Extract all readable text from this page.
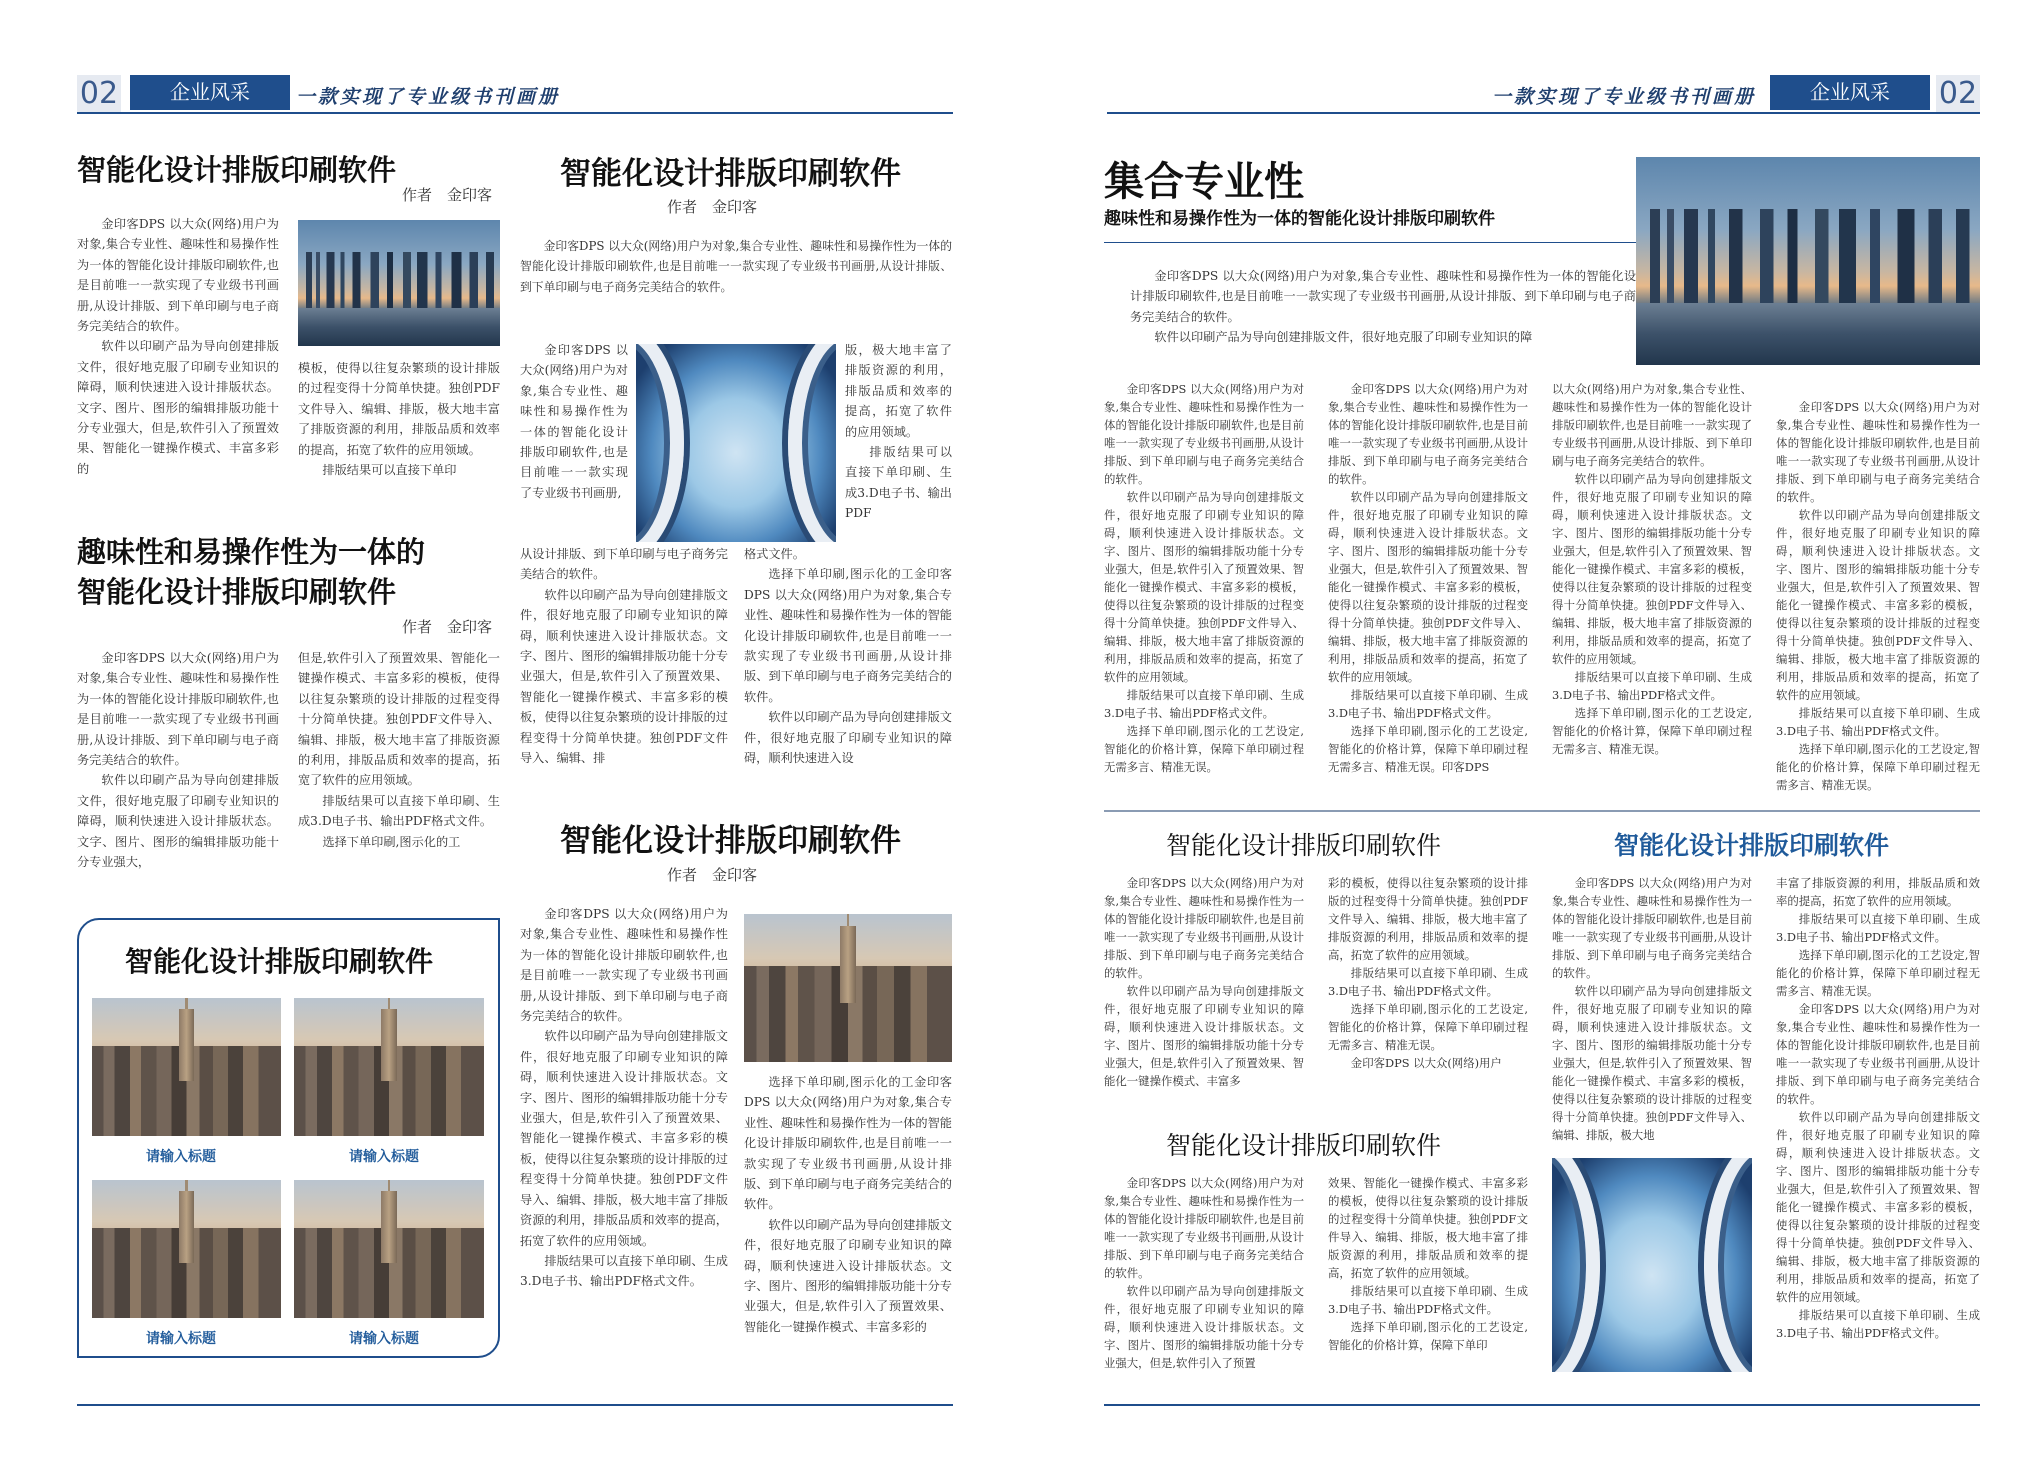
02	企业风采	一款实现了专业级书刊画册
智能化设计排版印刷软件
作者　金印客

金印客DPS 以大众(网络)用户为对象,集合专业性、趣味性和易操作性为一体的智能化设计排版印刷软件,也是目前唯一一款实现了专业级书刊画册,从设计排版、到下单印刷与电子商务完美结合的软件。

软件以印刷产品为导向创建排版文件，很好地克服了印刷专业知识的障碍，顺利快速进入设计排版状态。文字、图片、图形的编辑排版功能十分专业强大，但是,软件引入了预置效果、智能化一键操作模式、丰富多彩的

模板，使得以往复杂繁琐的设计排版的过程变得十分简单快捷。独创PDF文件导入、编辑、排版，极大地丰富了排版资源的利用，排版品质和效率的提高，拓宽了软件的应用领域。

排版结果可以直接下单印

趣味性和易操作性为一体的
智能化设计排版印刷软件
作者　金印客

金印客DPS 以大众(网络)用户为对象,集合专业性、趣味性和易操作性为一体的智能化设计排版印刷软件,也是目前唯一一款实现了专业级书刊画册,从设计排版、到下单印刷与电子商务完美结合的软件。

软件以印刷产品为导向创建排版文件，很好地克服了印刷专业知识的障碍，顺利快速进入设计排版状态。文字、图片、图形的编辑排版功能十分专业强大，

但是,软件引入了预置效果、智能化一键操作模式、丰富多彩的模板，使得以往复杂繁琐的设计排版的过程变得十分简单快捷。独创PDF文件导入、编辑、排版，极大地丰富了排版资源的利用，排版品质和效率的提高，拓宽了软件的应用领域。

排版结果可以直接下单印刷、生成3.D电子书、输出PDF格式文件。

选择下单印刷,图示化的工

智能化设计排版印刷软件
请输入标题	请输入标题
请输入标题	请输入标题
智能化设计排版印刷软件
作者　金印客

金印客DPS 以大众(网络)用户为对象,集合专业性、趣味性和易操作性为一体的智能化设计排版印刷软件,也是目前唯一一款实现了专业级书刊画册,从设计排版、到下单印刷与电子商务完美结合的软件。

金印客DPS 以大众(网络)用户为对象,集合专业性、趣味性和易操作性为一体的智能化设计排版印刷软件,也是目前唯一一款实现了专业级书刊画册,

版，极大地丰富了排版资源的利用，排版品质和效率的提高，拓宽了软件的应用领域。

排版结果可以直接下单印刷、生成3.D电子书、输出PDF

从设计排版、到下单印刷与电子商务完美结合的软件。

软件以印刷产品为导向创建排版文件，很好地克服了印刷专业知识的障碍，顺利快速进入设计排版状态。文字、图片、图形的编辑排版功能十分专业强大，但是,软件引入了预置效果、智能化一键操作模式、丰富多彩的模板，使得以往复杂繁琐的设计排版的过程变得十分简单快捷。独创PDF文件导入、编辑、排

格式文件。

选择下单印刷,图示化的工金印客DPS 以大众(网络)用户为对象,集合专业性、趣味性和易操作性为一体的智能化设计排版印刷软件,也是目前唯一一款实现了专业级书刊画册,从设计排版、到下单印刷与电子商务完美结合的软件。

软件以印刷产品为导向创建排版文件，很好地克服了印刷专业知识的障碍，顺利快速进入设

智能化设计排版印刷软件
作者　金印客

金印客DPS 以大众(网络)用户为对象,集合专业性、趣味性和易操作性为一体的智能化设计排版印刷软件,也是目前唯一一款实现了专业级书刊画册,从设计排版、到下单印刷与电子商务完美结合的软件。

软件以印刷产品为导向创建排版文件，很好地克服了印刷专业知识的障碍，顺利快速进入设计排版状态。文字、图片、图形的编辑排版功能十分专业强大，但是,软件引入了预置效果、智能化一键操作模式、丰富多彩的模板，使得以往复杂繁琐的设计排版的过程变得十分简单快捷。独创PDF文件导入、编辑、排版，极大地丰富了排版资源的利用，排版品质和效率的提高，拓宽了软件的应用领域。

排版结果可以直接下单印刷、生成3.D电子书、输出PDF格式文件。

选择下单印刷,图示化的工金印客DPS 以大众(网络)用户为对象,集合专业性、趣味性和易操作性为一体的智能化设计排版印刷软件,也是目前唯一一款实现了专业级书刊画册,从设计排版、到下单印刷与电子商务完美结合的软件。

软件以印刷产品为导向创建排版文件，很好地克服了印刷专业知识的障碍，顺利快速进入设计排版状态。文字、图片、图形的编辑排版功能十分专业强大，但是,软件引入了预置效果、智能化一键操作模式、丰富多彩的

一款实现了专业级书刊画册	企业风采	02
集合专业性
趣味性和易操作性为一体的智能化设计排版印刷软件

金印客DPS 以大众(网络)用户为对象,集合专业性、趣味性和易操作性为一体的智能化设计排版印刷软件,也是目前唯一一款实现了专业级书刊画册,从设计排版、到下单印刷与电子商务完美结合的软件。

软件以印刷产品为导向创建排版文件，很好地克服了印刷专业知识的障

金印客DPS 以大众(网络)用户为对象,集合专业性、趣味性和易操作性为一体的智能化设计排版印刷软件,也是目前唯一一款实现了专业级书刊画册,从设计排版、到下单印刷与电子商务完美结合的软件。

软件以印刷产品为导向创建排版文件，很好地克服了印刷专业知识的障碍，顺利快速进入设计排版状态。文字、图片、图形的编辑排版功能十分专业强大，但是,软件引入了预置效果、智能化一键操作模式、丰富多彩的模板，使得以往复杂繁琐的设计排版的过程变得十分简单快捷。独创PDF文件导入、编辑、排版，极大地丰富了排版资源的利用，排版品质和效率的提高，拓宽了软件的应用领域。

排版结果可以直接下单印刷、生成3.D电子书、输出PDF格式文件。

选择下单印刷,图示化的工艺设定,智能化的价格计算，保障下单印刷过程无需多言、精准无误。

金印客DPS 以大众(网络)用户为对象,集合专业性、趣味性和易操作性为一体的智能化设计排版印刷软件,也是目前唯一一款实现了专业级书刊画册,从设计排版、到下单印刷与电子商务完美结合的软件。

软件以印刷产品为导向创建排版文件，很好地克服了印刷专业知识的障碍，顺利快速进入设计排版状态。文字、图片、图形的编辑排版功能十分专业强大，但是,软件引入了预置效果、智能化一键操作模式、丰富多彩的模板，使得以往复杂繁琐的设计排版的过程变得十分简单快捷。独创PDF文件导入、编辑、排版，极大地丰富了排版资源的利用，排版品质和效率的提高，拓宽了软件的应用领域。

排版结果可以直接下单印刷、生成3.D电子书、输出PDF格式文件。

选择下单印刷,图示化的工艺设定,智能化的价格计算，保障下单印刷过程无需多言、精准无误。印客DPS

以大众(网络)用户为对象,集合专业性、趣味性和易操作性为一体的智能化设计排版印刷软件,也是目前唯一一款实现了专业级书刊画册,从设计排版、到下单印刷与电子商务完美结合的软件。

软件以印刷产品为导向创建排版文件，很好地克服了印刷专业知识的障碍，顺利快速进入设计排版状态。文字、图片、图形的编辑排版功能十分专业强大，但是,软件引入了预置效果、智能化一键操作模式、丰富多彩的模板，使得以往复杂繁琐的设计排版的过程变得十分简单快捷。独创PDF文件导入、编辑、排版，极大地丰富了排版资源的利用，排版品质和效率的提高，拓宽了软件的应用领域。

排版结果可以直接下单印刷、生成3.D电子书、输出PDF格式文件。

选择下单印刷,图示化的工艺设定,智能化的价格计算，保障下单印刷过程无需多言、精准无误。

金印客DPS 以大众(网络)用户为对象,集合专业性、趣味性和易操作性为一体的智能化设计排版印刷软件,也是目前唯一一款实现了专业级书刊画册,从设计排版、到下单印刷与电子商务完美结合的软件。

软件以印刷产品为导向创建排版文件，很好地克服了印刷专业知识的障碍，顺利快速进入设计排版状态。文字、图片、图形的编辑排版功能十分专业强大，但是,软件引入了预置效果、智能化一键操作模式、丰富多彩的模板，使得以往复杂繁琐的设计排版的过程变得十分简单快捷。独创PDF文件导入、编辑、排版，极大地丰富了排版资源的利用，排版品质和效率的提高，拓宽了软件的应用领域。

排版结果可以直接下单印刷、生成3.D电子书、输出PDF格式文件。

选择下单印刷,图示化的工艺设定,智能化的价格计算，保障下单印刷过程无需多言、精准无误。

智能化设计排版印刷软件

金印客DPS 以大众(网络)用户为对象,集合专业性、趣味性和易操作性为一体的智能化设计排版印刷软件,也是目前唯一一款实现了专业级书刊画册,从设计排版、到下单印刷与电子商务完美结合的软件。

软件以印刷产品为导向创建排版文件，很好地克服了印刷专业知识的障碍，顺利快速进入设计排版状态。文字、图片、图形的编辑排版功能十分专业强大，但是,软件引入了预置效果、智能化一键操作模式、丰富多

彩的模板，使得以往复杂繁琐的设计排版的过程变得十分简单快捷。独创PDF文件导入、编辑、排版，极大地丰富了排版资源的利用，排版品质和效率的提高，拓宽了软件的应用领域。

排版结果可以直接下单印刷、生成3.D电子书、输出PDF格式文件。

选择下单印刷,图示化的工艺设定,智能化的价格计算，保障下单印刷过程无需多言、精准无误。

金印客DPS 以大众(网络)用户

智能化设计排版印刷软件

金印客DPS 以大众(网络)用户为对象,集合专业性、趣味性和易操作性为一体的智能化设计排版印刷软件,也是目前唯一一款实现了专业级书刊画册,从设计排版、到下单印刷与电子商务完美结合的软件。

软件以印刷产品为导向创建排版文件，很好地克服了印刷专业知识的障碍，顺利快速进入设计排版状态。文字、图片、图形的编辑排版功能十分专业强大，但是,软件引入了预置

效果、智能化一键操作模式、丰富多彩的模板，使得以往复杂繁琐的设计排版的过程变得十分简单快捷。独创PDF文件导入、编辑、排版，极大地丰富了排版资源的利用，排版品质和效率的提高，拓宽了软件的应用领域。

排版结果可以直接下单印刷、生成3.D电子书、输出PDF格式文件。

选择下单印刷,图示化的工艺设定,智能化的价格计算，保障下单印

智能化设计排版印刷软件

金印客DPS 以大众(网络)用户为对象,集合专业性、趣味性和易操作性为一体的智能化设计排版印刷软件,也是目前唯一一款实现了专业级书刊画册,从设计排版、到下单印刷与电子商务完美结合的软件。

软件以印刷产品为导向创建排版文件，很好地克服了印刷专业知识的障碍，顺利快速进入设计排版状态。文字、图片、图形的编辑排版功能十分专业强大，但是,软件引入了预置效果、智能化一键操作模式、丰富多彩的模板，使得以往复杂繁琐的设计排版的过程变得十分简单快捷。独创PDF文件导入、编辑、排版，极大地

丰富了排版资源的利用，排版品质和效率的提高，拓宽了软件的应用领域。

排版结果可以直接下单印刷、生成3.D电子书、输出PDF格式文件。

选择下单印刷,图示化的工艺设定,智能化的价格计算，保障下单印刷过程无需多言、精准无误。

金印客DPS 以大众(网络)用户为对象,集合专业性、趣味性和易操作性为一体的智能化设计排版印刷软件,也是目前唯一一款实现了专业级书刊画册,从设计排版、到下单印刷与电子商务完美结合的软件。

软件以印刷产品为导向创建排版文件，很好地克服了印刷专业知识的障碍，顺利快速进入设计排版状态。文字、图片、图形的编辑排版功能十分专业强大，但是,软件引入了预置效果、智能化一键操作模式、丰富多彩的模板，使得以往复杂繁琐的设计排版的过程变得十分简单快捷。独创PDF文件导入、编辑、排版，极大地丰富了排版资源的利用，排版品质和效率的提高，拓宽了软件的应用领域。

排版结果可以直接下单印刷、生成3.D电子书、输出PDF格式文件。
